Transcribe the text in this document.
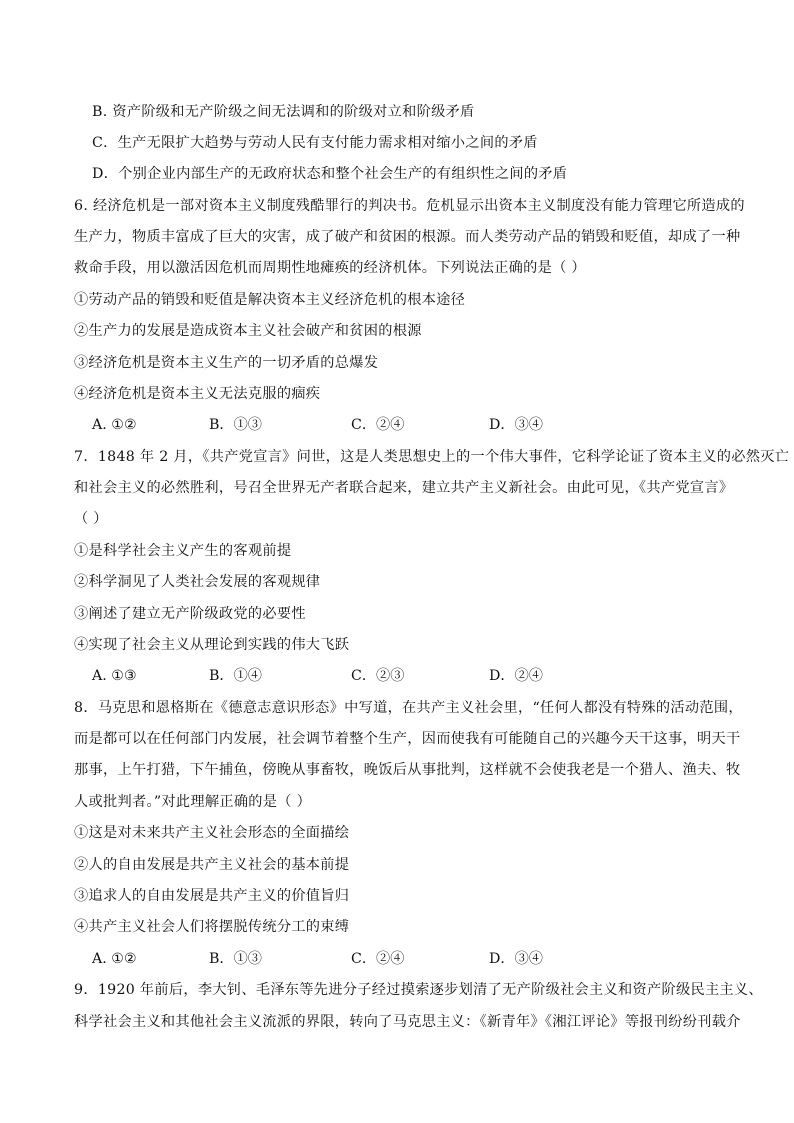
B. 资产阶级和无产阶级之间无法调和的阶级对立和阶级矛盾
C．生产无限扩大趋势与劳动人民有支付能力需求相对缩小之间的矛盾
D．个别企业内部生产的无政府状态和整个社会生产的有组织性之间的矛盾
6. 经济危机是一部对资本主义制度残酷罪行的判决书。危机显示出资本主义制度没有能力管理它所造成的
生产力，物质丰富成了巨大的灾害，成了破产和贫困的根源。而人类劳动产品的销毁和贬值，却成了一种
救命手段，用以激活因危机而周期性地瘫痪的经济机体。下列说法正确的是（ ）
①劳动产品的销毁和贬值是解决资本主义经济危机的根本途径
②生产力的发展是造成资本主义社会破产和贫困的根源
③经济危机是资本主义生产的一切矛盾的总爆发
④经济危机是资本主义无法克服的痼疾
A. ①②	B．①③	C．②④	D．③④
7．1848 年 2 月，《共产党宣言》问世，这是人类思想史上的一个伟大事件，它科学论证了资本主义的必然灭亡
和社会主义的必然胜利，号召全世界无产者联合起来，建立共产主义新社会。由此可见，《共产党宣言》
（ ）
①是科学社会主义产生的客观前提
②科学洞见了人类社会发展的客观规律
③阐述了建立无产阶级政党的必要性
④实现了社会主义从理论到实践的伟大飞跃
A. ①③	B．①④	C．②③	D．②④
8．马克思和恩格斯在《德意志意识形态》中写道，在共产主义社会里，“任何人都没有特殊的活动范围，
而是都可以在任何部门内发展，社会调节着整个生产，因而使我有可能随自己的兴趣今天干这事，明天干
那事，上午打猎，下午捕鱼，傍晚从事畜牧，晚饭后从事批判，这样就不会使我老是一个猎人、渔夫、牧
人或批判者。”对此理解正确的是（ ）
①这是对未来共产主义社会形态的全面描绘
②人的自由发展是共产主义社会的基本前提
③追求人的自由发展是共产主义的价值旨归
④共产主义社会人们将摆脱传统分工的束缚
A. ①②	B．①③	C．②④	D．③④
9．1920 年前后，李大钊、毛泽东等先进分子经过摸索逐步划清了无产阶级社会主义和资产阶级民主主义、
科学社会主义和其他社会主义流派的界限，转向了马克思主义：《新青年》《湘江评论》等报刊纷纷刊载介
